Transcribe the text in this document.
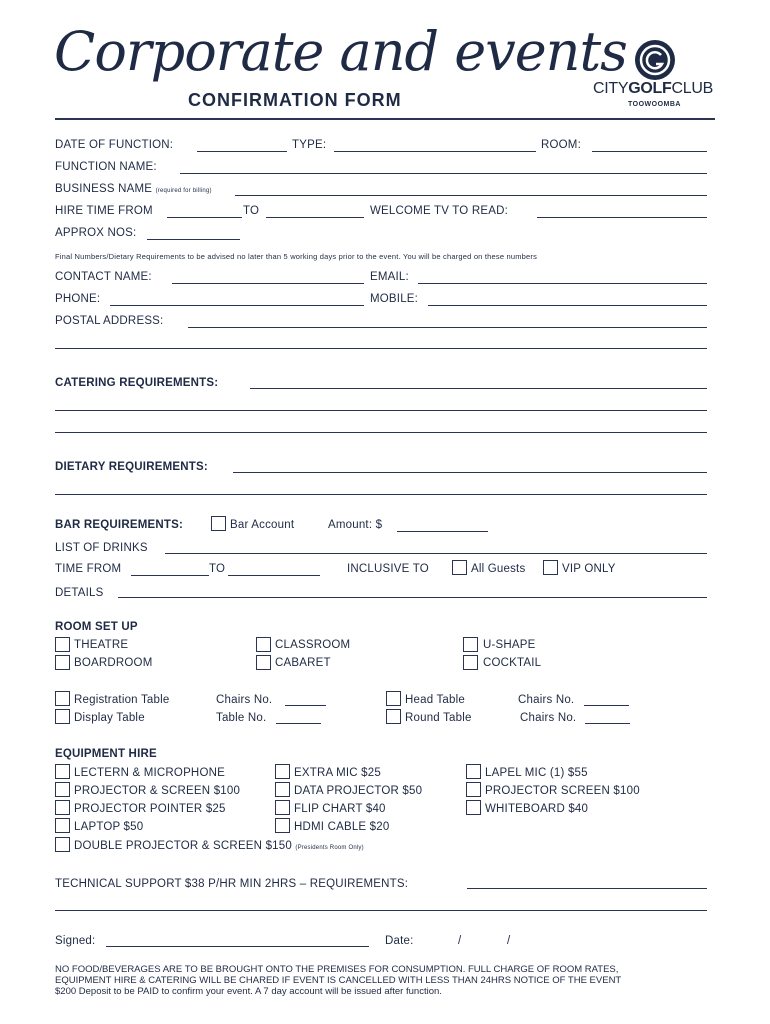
Corporate and events
CONFIRMATION FORM
CITYGOLFCLUB
TOOWOOMBA
DATE OF FUNCTION:	TYPE:	ROOM:
FUNCTION NAME:
BUSINESS NAME (required for billing)
HIRE TIME FROM	TO	WELCOME TV TO READ:
APPROX NOS:
Final Numbers/Dietary Requirements to be advised no later than 5 working days prior to the event. You will be charged on these numbers
CONTACT NAME:	EMAIL:
PHONE:	MOBILE:
POSTAL ADDRESS:
CATERING REQUIREMENTS:
DIETARY REQUIREMENTS:
BAR REQUIREMENTS:	Bar Account	Amount: $
LIST OF DRINKS
TIME FROM	TO	INCLUSIVE TO	All Guests	VIP ONLY
DETAILS
ROOM SET UP
THEATRE	CLASSROOM	U-SHAPE
BOARDROOM	CABARET	COCKTAIL
Registration Table	Chairs No.	Head Table	Chairs No.
Display Table	Table No.	Round Table	Chairs No.
EQUIPMENT HIRE
LECTERN & MICROPHONE	EXTRA MIC $25	LAPEL MIC (1) $55
PROJECTOR & SCREEN $100	DATA PROJECTOR $50	PROJECTOR SCREEN $100
PROJECTOR POINTER $25	FLIP CHART $40	WHITEBOARD $40
LAPTOP $50	HDMI CABLE $20
DOUBLE PROJECTOR & SCREEN $150 (Presidents Room Only)
TECHNICAL SUPPORT $38 P/HR MIN 2HRS – REQUIREMENTS:
Signed:	Date:	/	/
NO FOOD/BEVERAGES ARE TO BE BROUGHT ONTO THE PREMISES FOR CONSUMPTION. FULL CHARGE OF ROOM RATES,
EQUIPMENT HIRE & CATERING WILL BE CHARED IF EVENT IS CANCELLED WITH LESS THAN 24HRS NOTICE OF THE EVENT
$200 Deposit to be PAID to confirm your event. A 7 day account will be issued after function.
